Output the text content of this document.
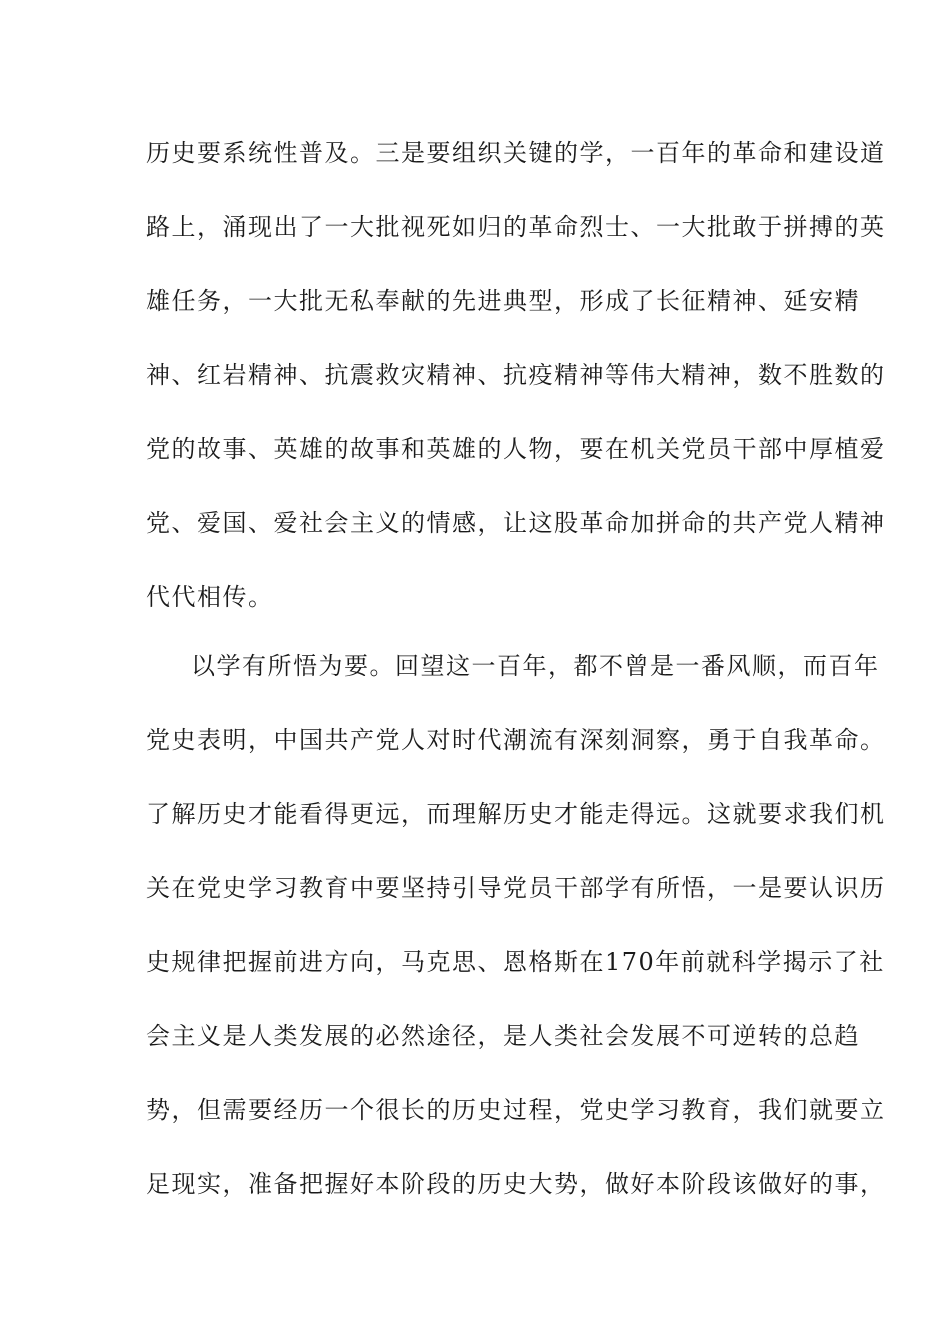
历史要系统性普及。三是要组织关键的学，一百年的革命和建设道
路上，涌现出了一大批视死如归的革命烈士、一大批敢于拼搏的英
雄任务，一大批无私奉献的先进典型，形成了长征精神、延安精
神、红岩精神、抗震救灾精神、抗疫精神等伟大精神，数不胜数的
党的故事、英雄的故事和英雄的人物，要在机关党员干部中厚植爱
党、爱国、爱社会主义的情感，让这股革命加拼命的共产党人精神
代代相传。
以学有所悟为要。回望这一百年，都不曾是一番风顺，而百年
党史表明，中国共产党人对时代潮流有深刻洞察，勇于自我革命。
了解历史才能看得更远，而理解历史才能走得远。这就要求我们机
关在党史学习教育中要坚持引导党员干部学有所悟，一是要认识历
史规律把握前进方向，马克思、恩格斯在170年前就科学揭示了社
会主义是人类发展的必然途径，是人类社会发展不可逆转的总趋
势，但需要经历一个很长的历史过程，党史学习教育，我们就要立
足现实，准备把握好本阶段的历史大势，做好本阶段该做好的事，
